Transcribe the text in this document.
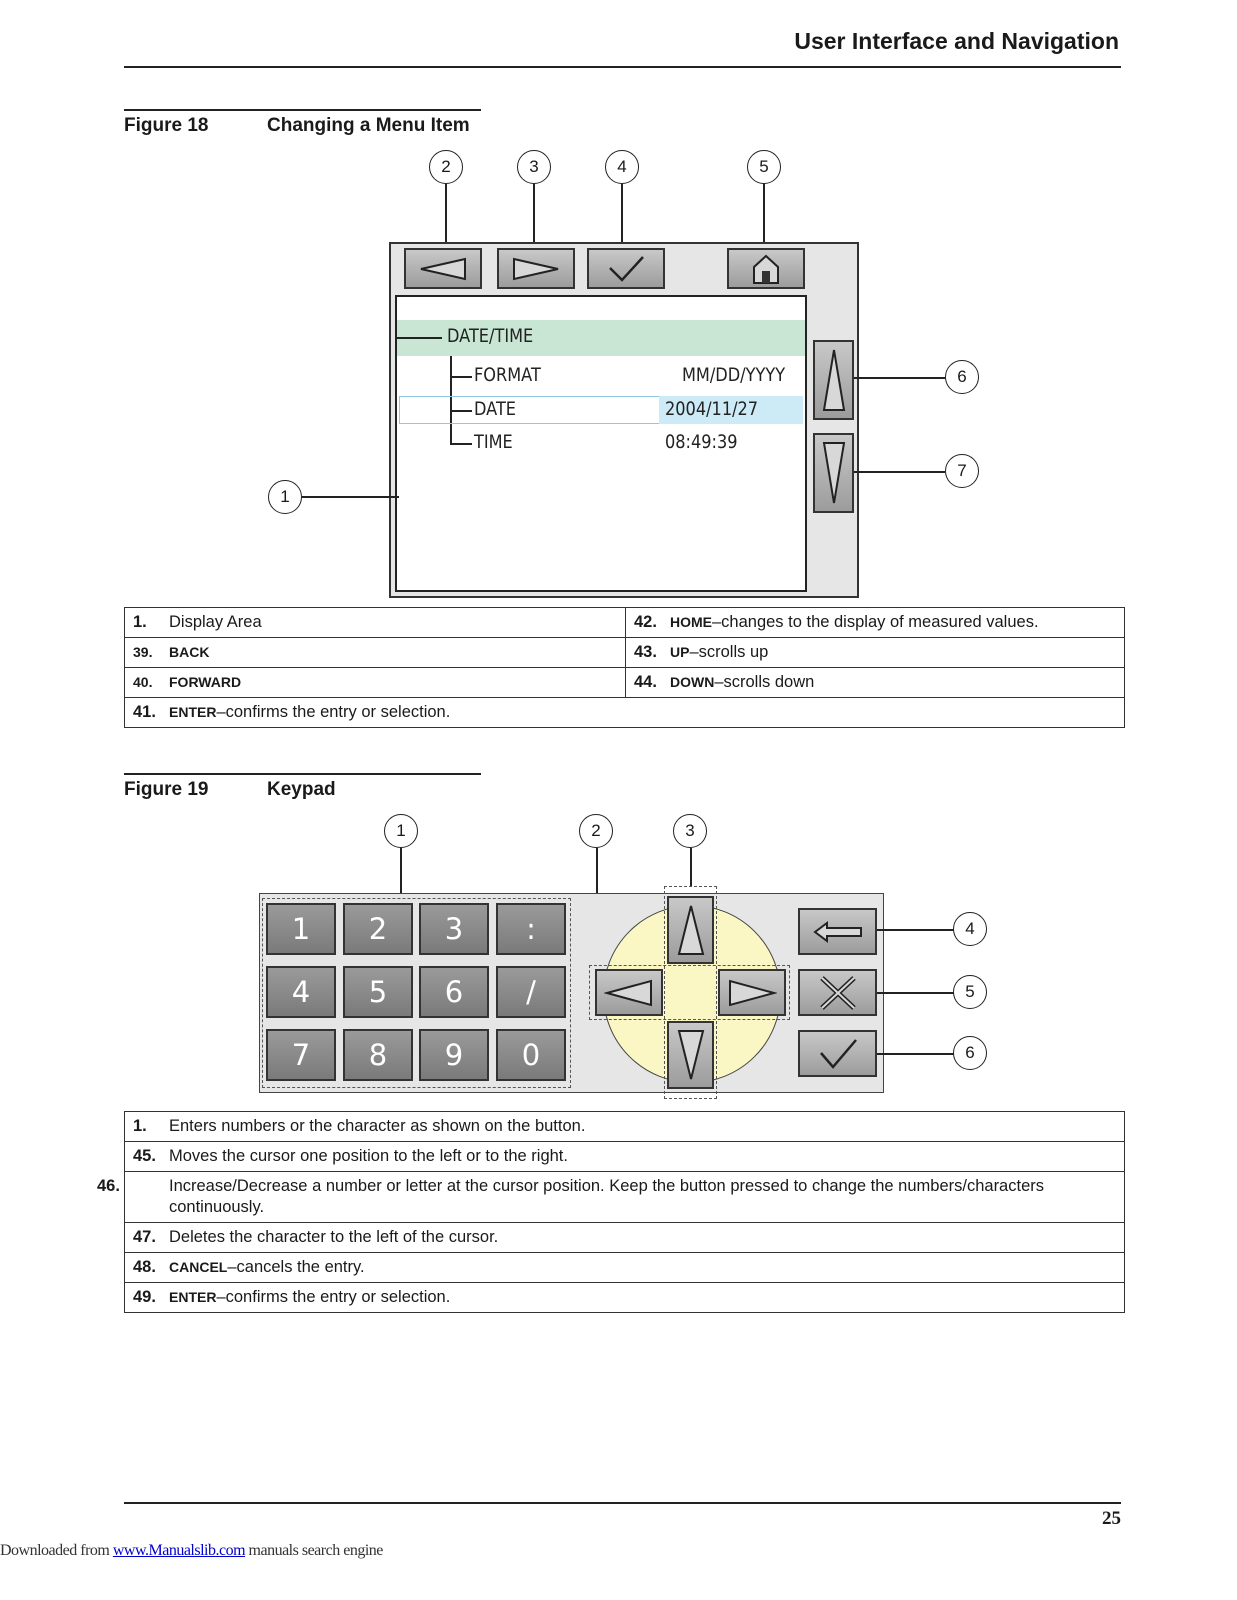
User Interface and Navigation
Figure 18	Changing a Menu Item
2	3	4	5
DATE/TIME
FORMAT	MM/DD/YYYY
DATE	2004/11/27
TIME	08:49:39
1
6
7
1. Display Area	42. HOME–changes to the display of measured values.
39. BACK	43. UP–scrolls up
40. FORWARD	44. DOWN–scrolls down
41. ENTER–confirms the entry or selection.	
Figure 19	Keypad
1	2	3
1	2	3	:
4	5	6	/
7	8	9	0
4
5
6
1. Enters numbers or the character as shown on the button.
45. Moves the cursor one position to the left or to the right.
46.	Increase/Decrease a number or letter at the cursor position. Keep the button pressed to change the numbers/characters continuously.
47. Deletes the character to the left of the cursor.
48. CANCEL–cancels the entry.
49. ENTER–confirms the entry or selection.
25
Downloaded from www.Manualslib.com manuals search engine
